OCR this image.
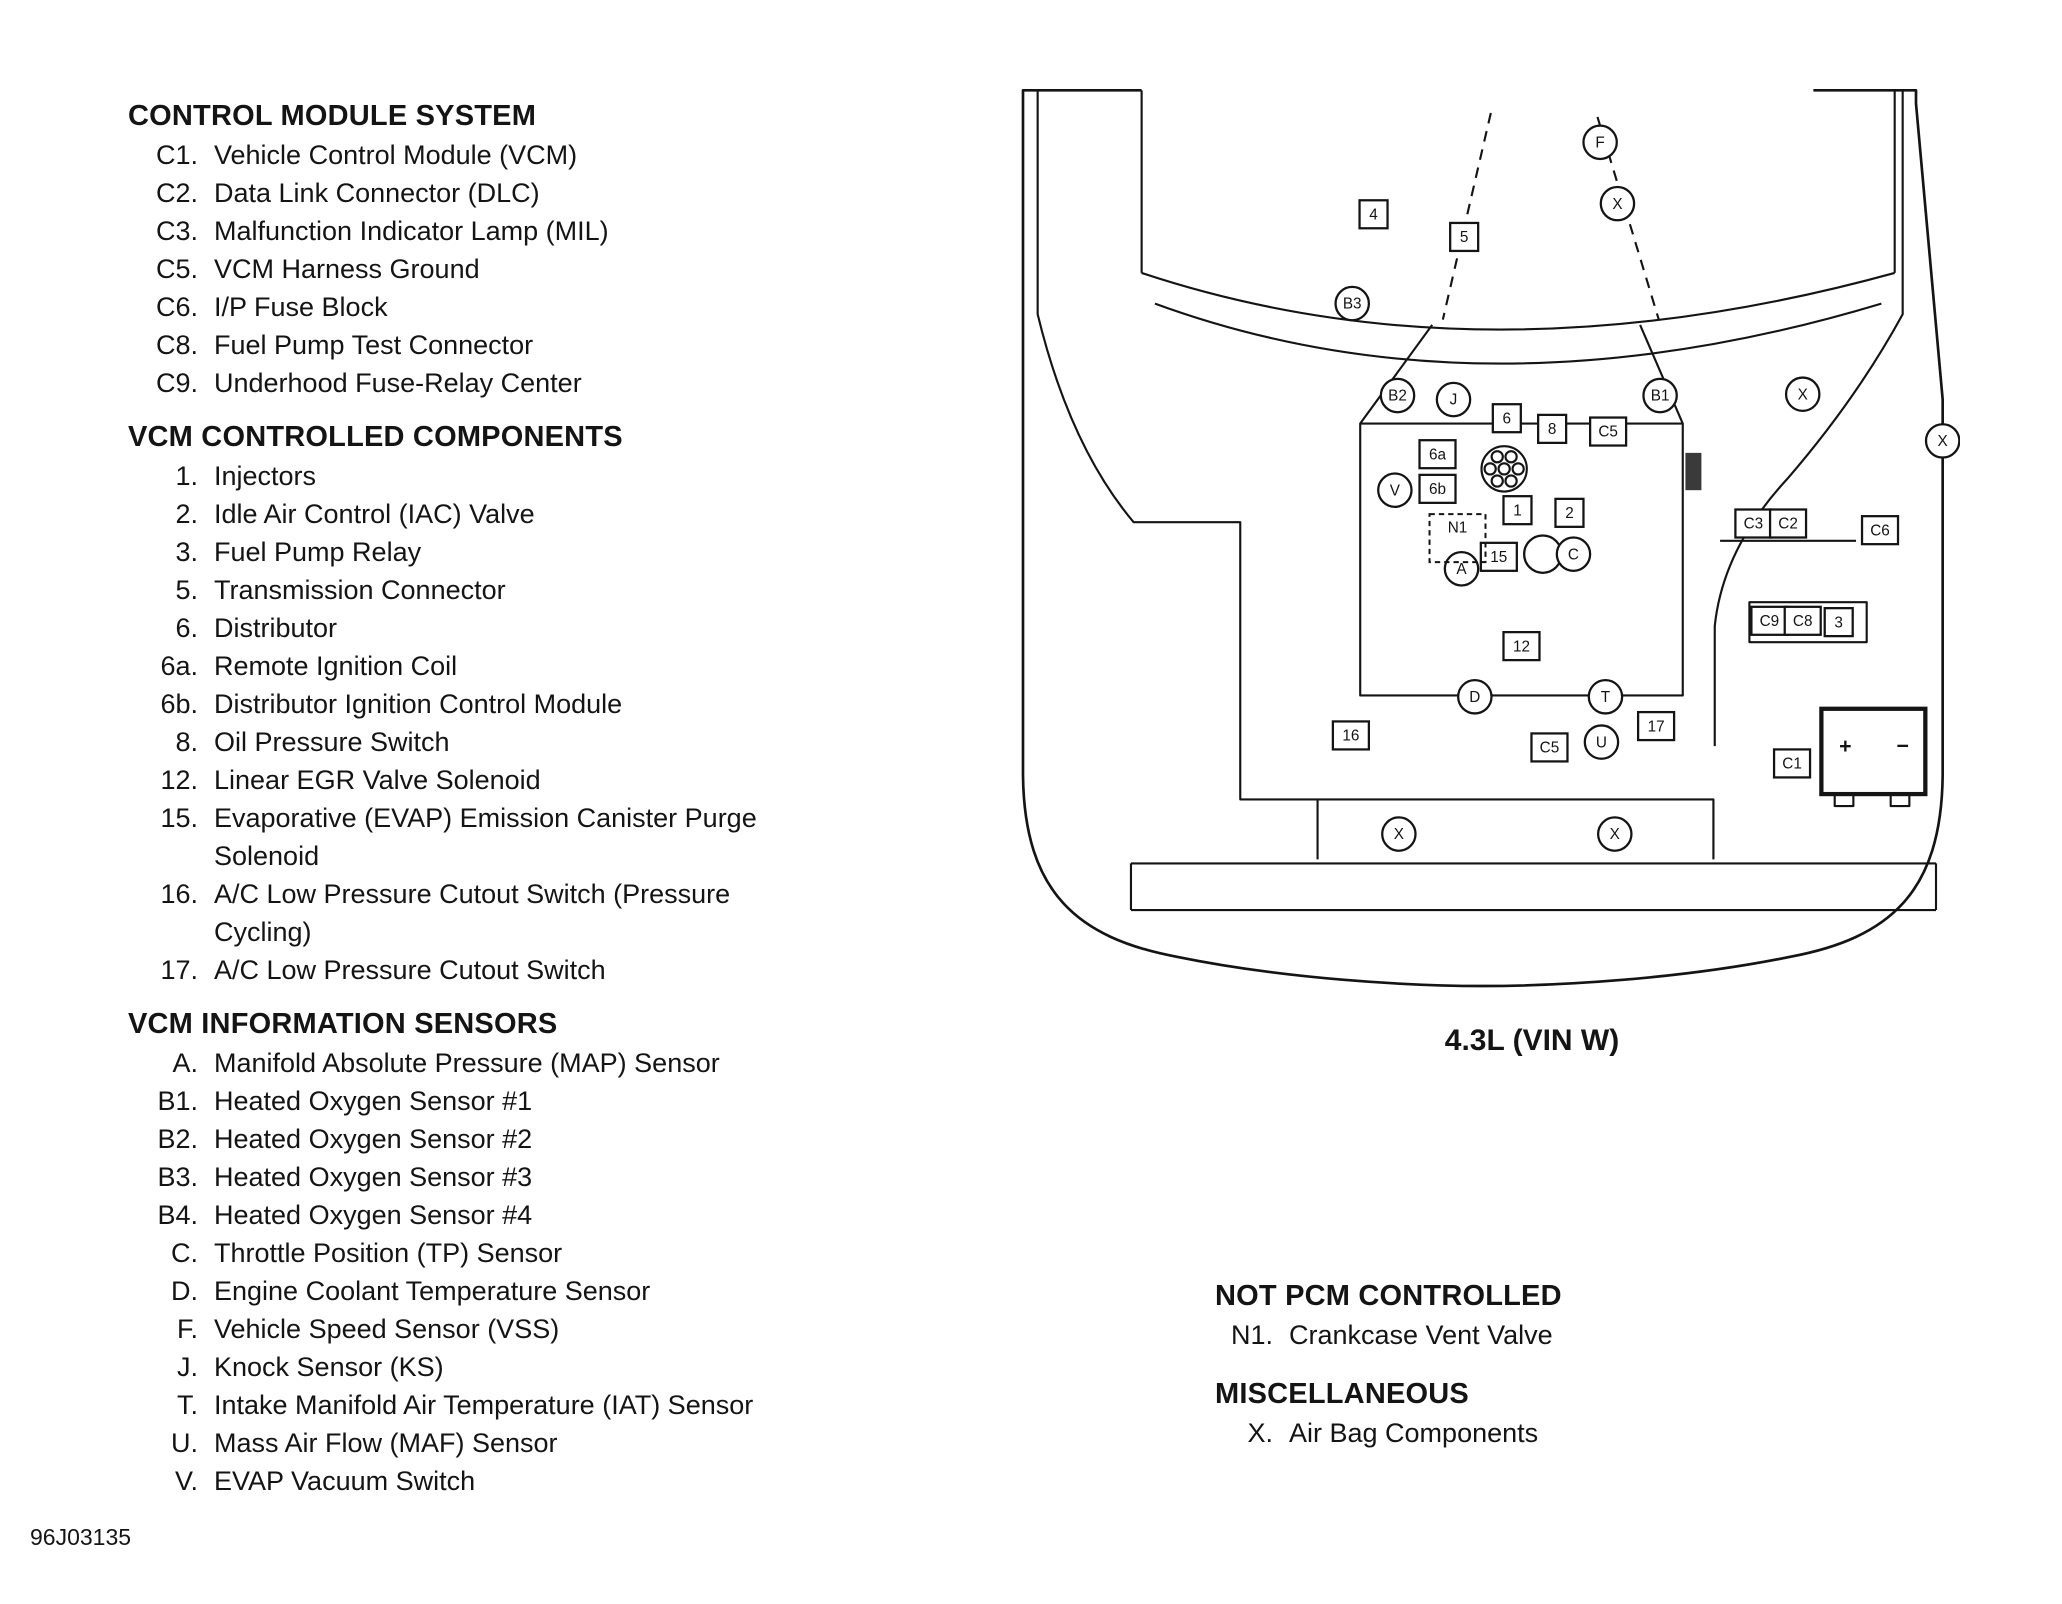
CONTROL MODULE SYSTEM
C1. Vehicle Control Module (VCM)
C2. Data Link Connector (DLC)
C3. Malfunction Indicator Lamp (MIL)
C5. VCM Harness Ground
C6. I/P Fuse Block
C8. Fuel Pump Test Connector
C9. Underhood Fuse-Relay Center
VCM CONTROLLED COMPONENTS
1. Injectors
2. Idle Air Control (IAC) Valve
3. Fuel Pump Relay
5. Transmission Connector
6. Distributor
6a. Remote Ignition Coil
6b. Distributor Ignition Control Module
8. Oil Pressure Switch
12. Linear EGR Valve Solenoid
15. Evaporative (EVAP) Emission Canister Purge Solenoid
16. A/C Low Pressure Cutout Switch (Pressure Cycling)
17. A/C Low Pressure Cutout Switch
VCM INFORMATION SENSORS
A. Manifold Absolute Pressure (MAP) Sensor
B1. Heated Oxygen Sensor #1
B2. Heated Oxygen Sensor #2
B3. Heated Oxygen Sensor #3
B4. Heated Oxygen Sensor #4
C. Throttle Position (TP) Sensor
D. Engine Coolant Temperature Sensor
F. Vehicle Speed Sensor (VSS)
J. Knock Sensor (KS)
T. Intake Manifold Air Temperature (IAT) Sensor
U. Mass Air Flow (MAF) Sensor
V. EVAP Vacuum Switch
+	−
4
5
6
8	C5
6a
6b
1	2
15
12
16
C5
17
C3 C2	C6
C9 C8 3
C1
F
X
B3
B2	J	B1	X
X
V
A
C
D	T
U
X	X
N1
4.3L (VIN W)
NOT PCM CONTROLLED
N1. Crankcase Vent Valve
MISCELLANEOUS
X. Air Bag Components
96J03135
